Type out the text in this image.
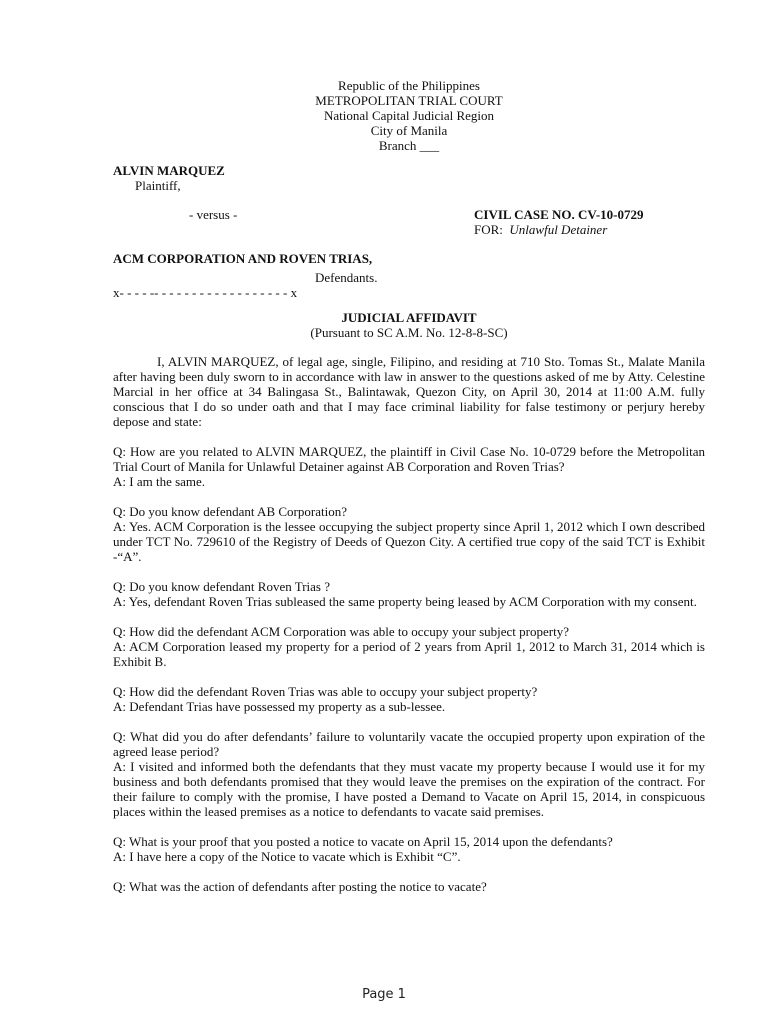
Republic of the Philippines
METROPOLITAN TRIAL COURT
National Capital Judicial Region
City of Manila
Branch ___
ALVIN MARQUEZ
Plaintiff,
- versus -	CIVIL CASE NO. CV-10-0729
FOR: Unlawful Detainer
ACM CORPORATION AND ROVEN TRIAS,
Defendants.
x- - - - -- - - - - - - - - - - - - - - - - - x
JUDICIAL AFFIDAVIT
(Pursuant to SC A.M. No. 12-8-8-SC)

I, ALVIN MARQUEZ, of legal age, single, Filipino, and residing at 710 Sto. Tomas St., Malate Manila after having been duly sworn to in accordance with law in answer to the questions asked of me by Atty. Celestine Marcial in her office at 34 Balingasa St., Balintawak, Quezon City, on April 30, 2014 at 11:00 A.M. fully conscious that I do so under oath and that I may face criminal liability for false testimony or perjury hereby depose and state:

Q: How are you related to ALVIN MARQUEZ, the plaintiff in Civil Case No. 10-0729 before the Metropolitan Trial Court of Manila for Unlawful Detainer against AB Corporation and Roven Trias?

A: I am the same.

Q: Do you know defendant AB Corporation?

A: Yes. ACM Corporation is the lessee occupying the subject property since April 1, 2012 which I own described under TCT No. 729610 of the Registry of Deeds of Quezon City. A certified true copy of the said TCT is Exhibit -“A”.

Q: Do you know defendant Roven Trias ?

A: Yes, defendant Roven Trias subleased the same property being leased by ACM Corporation with my consent.

Q: How did the defendant ACM Corporation was able to occupy your subject property?

A: ACM Corporation leased my property for a period of 2 years from April 1, 2012 to March 31, 2014 which is Exhibit B.

Q: How did the defendant Roven Trias was able to occupy your subject property?

A: Defendant Trias have possessed my property as a sub-lessee.

Q: What did you do after defendants’ failure to voluntarily vacate the occupied property upon expiration of the agreed lease period?

A: I visited and informed both the defendants that they must vacate my property because I would use it for my business and both defendants promised that they would leave the premises on the expiration of the contract. For their failure to comply with the promise, I have posted a Demand to Vacate on April 15, 2014, in conspicuous places within the leased premises as a notice to defendants to vacate said premises.

Q: What is your proof that you posted a notice to vacate on April 15, 2014 upon the defendants?

A: I have here a copy of the Notice to vacate which is Exhibit “C”.

Q: What was the action of defendants after posting the notice to vacate?

Page 1
